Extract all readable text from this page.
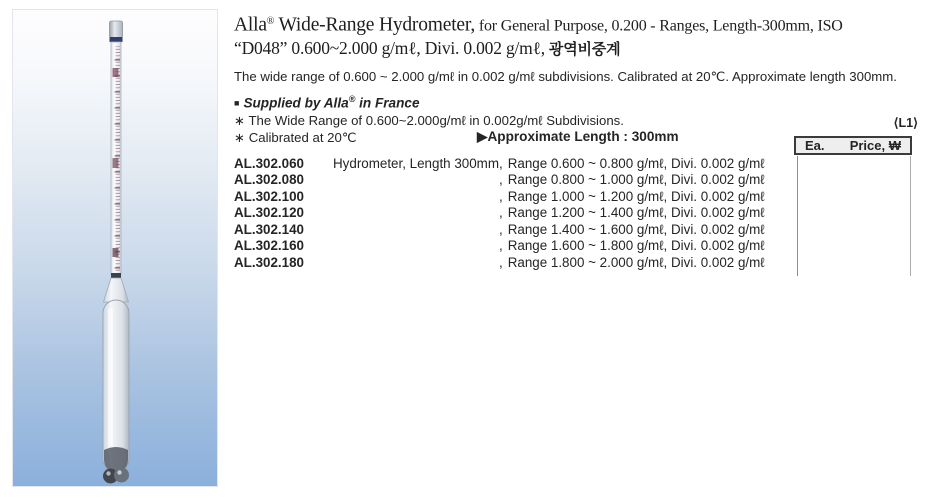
Alla® Wide-Range Hydrometer, for General Purpose, 0.200 - Ranges, Length-300mm, ISO
“D048” 0.600~2.000 g/mℓ, Divi. 0.002 g/mℓ, 광역비중계

The wide range of 0.600 ~ 2.000 g/mℓ in 0.002 g/mℓ subdivisions. Calibrated at 20℃. Approximate length 300mm.

■ Supplied by Alla® in France
∗ The Wide Range of 0.600~2.000g/mℓ in 0.002g/mℓ Subdivisions.
∗ Calibrated at 20℃	▶Approximate Length : 300mm
⟨L1⟩
Ea. Price, ₩
AL.302.060	Hydrometer, Length 300mm, Range 0.600 ~ 0.800 g/mℓ, Divi. 0.002 g/mℓ
AL.302.080	, Range 0.800 ~ 1.000 g/mℓ, Divi. 0.002 g/mℓ
AL.302.100	, Range 1.000 ~ 1.200 g/mℓ, Divi. 0.002 g/mℓ
AL.302.120	, Range 1.200 ~ 1.400 g/mℓ, Divi. 0.002 g/mℓ
AL.302.140	, Range 1.400 ~ 1.600 g/mℓ, Divi. 0.002 g/mℓ
AL.302.160	, Range 1.600 ~ 1.800 g/mℓ, Divi. 0.002 g/mℓ
AL.302.180	, Range 1.800 ~ 2.000 g/mℓ, Divi. 0.002 g/mℓ
